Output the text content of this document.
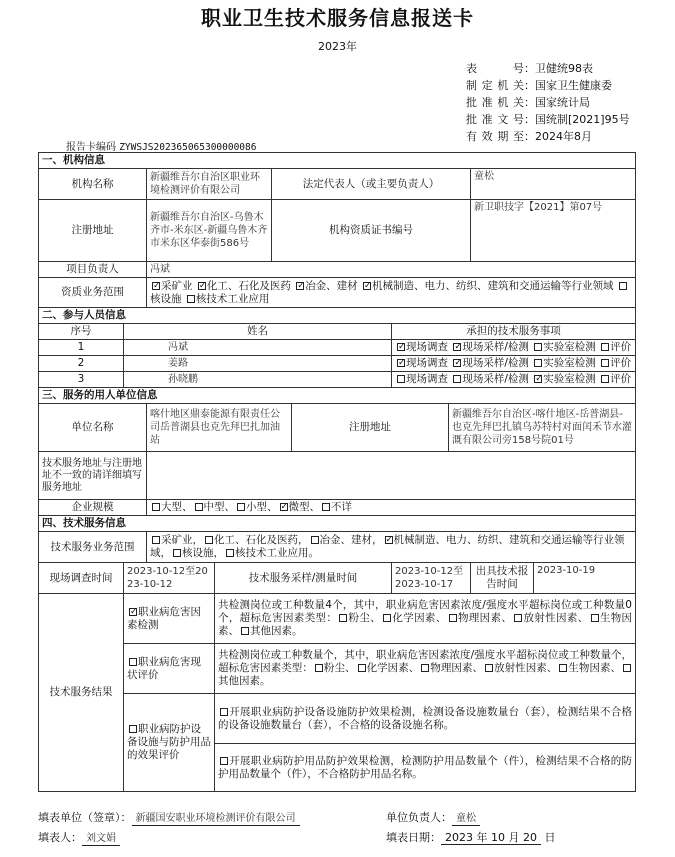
职业卫生技术服务信息报送卡
2023年
表　　号：卫健统98表
制定机关：国家卫生健康委
批准机关：国家统计局
批准文号：国统制[2021]95号
有效期至：2024年8月
报告卡编码 ZYWSJS202365065300000086
一、机构信息									
机构名称		新疆维吾尔自治区职业环境检测评价有限公司		法定代表人（或主要负责人）				童松	
注册地址		新疆维吾尔自治区-乌鲁木齐市-米东区-新疆乌鲁木齐市米东区华泰街586号		机构资质证书编号				新卫职技字【2021】第07号	
项目负责人		冯斌							
资质业务范围	✓采矿业 ✓ 化工、石化及医药 ✓ 冶金、建材 ✓ 机械制造、电力、纺织、建筑和交通运输等行业领域 核设施 核技术工业应用
二、参与人员信息									
序号	姓名					承担的技术服务事项			
1	冯斌	✓现场调查 ✓ 现场采样/检测 实验室检测 评价
2	姜路	✓现场调查 ✓ 现场采样/检测 实验室检测 评价
3	孙晓鹏					现场调查 现场采样/检测 ✓ 实验室检测 评价
三、服务的用人单位信息									
单位名称		喀什地区鼎泰能源有限责任公司岳普湖县也克先拜巴扎加油站			注册地址		新疆维吾尔自治区-喀什地区-岳普湖县-也克先拜巴扎镇乌苏特村对面闰禾节水灌溉有限公司旁158号院01号		
技术服务地址与注册地址不一致的请详细填写服务地址									
企业规模		大型、 中型、 小型、 ✓ 微型、 不详
四、技术服务信息									
技术服务业务范围		采矿业， 化工、石化及医药， 冶金、建材， ✓ 机械制造、电力、纺织、建筑和交通运输等行业领域， 核设施， 核技术工业应用。
现场调查时间	2023-10-12至2023-10-12		技术服务采样/测量时间			2023-10-12至2023-10-17		出具技术报告时间	2023-10-19
技术服务结果	✓职业病危害因素检测		共检测岗位或工种数量4个，其中，职业病危害因素浓度/强度水平超标岗位或工种数量0个，超标危害因素类型： 粉尘、 化学因素、 物理因素、 放射性因素、 生物因素、 其他因素。						
	职业病危害现状评价		共检测岗位或工种数量个，其中，职业病危害因素浓度/强度水平超标岗位或工种数量个，超标危害因素类型： 粉尘、 化学因素、 物理因素、 放射性因素、 生物因素、其他因素。						
	职业病防护设备设施与防护用品的效果评价		开展职业病防护设备设施防护效果检测，检测设备设施数量台（套），检测结果不合格的设备设施数量台（套），不合格的设备设施名称。						
			开展职业病防护用品防护效果检测，检测防护用品数量个（件），检测结果不合格的防护用品数量个（件），不合格防护用品名称。						
填表单位（签章）： 新疆国安职业环境检测评价有限公司	单位负责人： 童松
填表人： 刘文娟	填表日期： 2023 年 10 月 20 日
